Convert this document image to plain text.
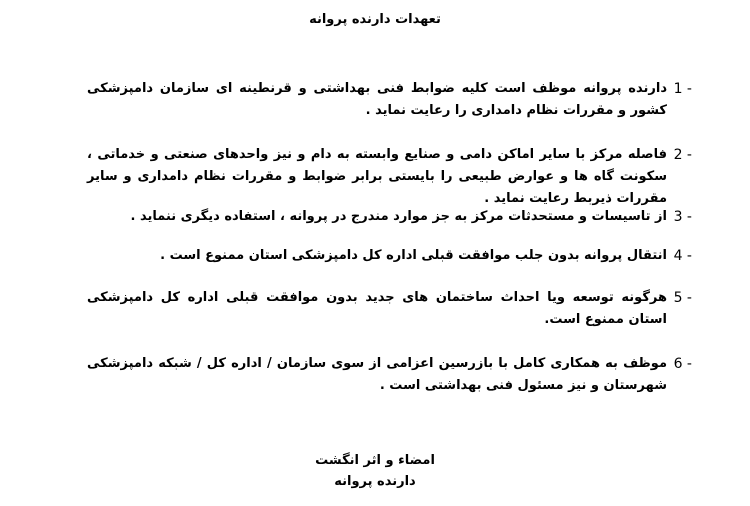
تعهدات دارنده پروانه
1 -
دارنده پروانه موظف است کلیه ضوابط فنی بهداشتی و قرنطینه ای سازمان دامپزشکی کشور و مقررات نظام دامداری را رعایت نماید .
2 -
فاصله مرکز با سایر اماکن دامی و صنایع وابسته به دام و نیز واحدهای صنعتی و خدماتی ، سکونت گاه ها و عوارض طبیعی را بایستی برابر ضوابط و مقررات نظام دامداری و سایر مقررات ذیربط رعایت نماید .
3 -
از تاسیسات و مستحدثات مرکز به جز موارد مندرج در پروانه ، استفاده دیگری ننماید .
4 -
انتقال پروانه بدون جلب موافقت قبلی اداره کل دامپزشکی استان ممنوع است .
5 -
هرگونه توسعه ویا احداث ساختمان های جدید بدون موافقت قبلی اداره کل دامپزشکی استان ممنوع است.
6 -
موظف به همکاری کامل با بازرسین اعزامی از سوی سازمان / اداره کل / شبکه دامپزشکی شهرستان و نیز مسئول فنی بهداشتی است .
امضاء و اثر انگشت
دارنده پروانه
